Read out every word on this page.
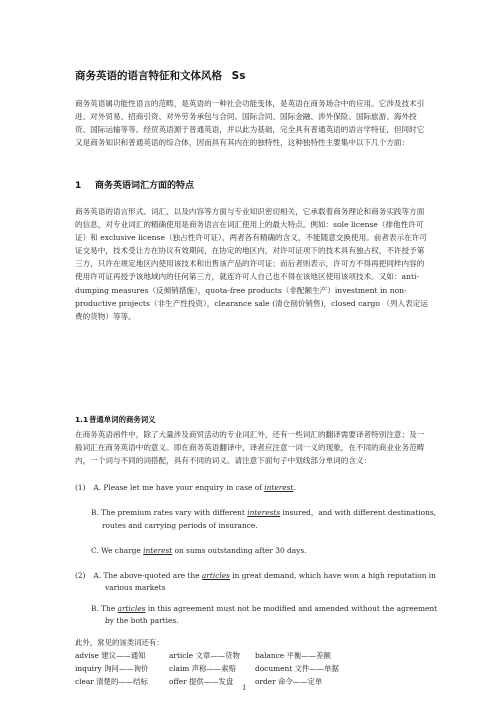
商务英语的语言特征和文体风格 Ss

商务英语属功能性语言的范畴，是英语的一种社会功能变体，是英语在商务场合中的应用。它涉及技术引进、对外贸易、招商引资、对外劳务承包与合同、国际合同、国际金融、涉外保险、国际旅游、海外投资、国际运输等等。经贸英语源于普通英语，并以此为基础，完全具有普通英语的语言学特征，但同时它又是商务知识和普通英语的综合体，因而具有其内在的独特性，这种独特性主要集中以下几个方面：

1 商务英语词汇方面的特点

商务英语的语言形式、词汇、以及内容等方面与专业知识密切相关，它承载着商务理论和商务实践等方面的信息，对专业词汇的精确使用是商务语言在词汇使用上的最大特点。例如：sole license（排他性许可证）和 exclusive license（独占性许可证），两者各有精确的含义，不能随意交换使用。前者表示在许可证交易中，技术受让方在协议有效期间，在协定的地区内，对许可证项下的技术具有独占权，不许授予第三方，只许在规定地区内使用该技术和出售该产品的许可证；而后者则表示，许可方不得再把同样内容的使用许可证再授予该地域内的任何第三方，就连许可人自己也不得在该地区使用该项技术。又如：anti-dumping measures（反倾销措施），quota-free products（非配额生产）investment in non-productive projects（非生产性投资），clearance sale (清仓削价销售)，closed cargo （列入表定运费的货物）等等。

1.1普通单词的商务词义

在商务英语函件中，除了大量涉及商贸活动的专业词汇外，还有一些词汇的翻译需要译者特别注意；及一般词汇在商务英语中的意义。即在商务英语翻译中，译者应注意一词一义的现象，在不同的商业业务范畴内，一个词与不同的词搭配，具有不同的词义。请注意下面句子中划线部分单词的含义：

(1) A. Please let me have your enquiry in case of interest.
B. The premium rates vary with different interests insured，and with different destinations,
routes and carrying periods of insurance.
C. We charge interest on sums outstanding after 30 days.
(2) A. The above-quoted are the articles in great demand, which have won a high reputation in
various markets
B. The articles in this agreement must not be modified and amended without the agreement
by the both parties.
此外，常见的该类词还有：
advise 建议——通知	article 文章——货物 balance 平衡——差额
inquiry 询问——询价	claim 声称——索赔	document 文件——单据
clear 清楚的——结标	offer 提供——发盘	order 命令——定单
1
